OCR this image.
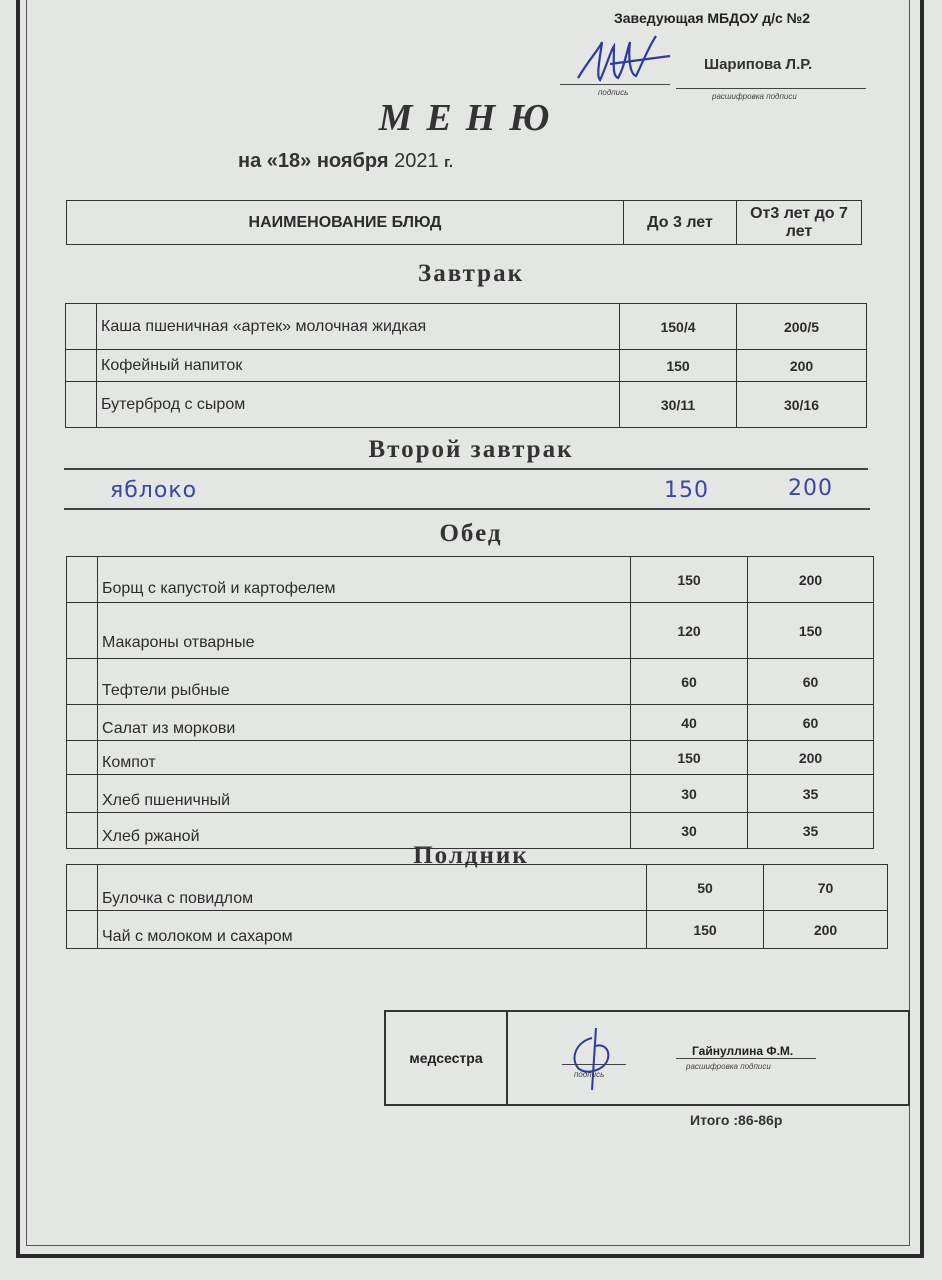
Заведующая МБДОУ д/с №2
подпись
Шарипова Л.Р.
расшифровка подписи
МЕНЮ
на «18» ноября 2021 г.
НАИМЕНОВАНИЕ БЛЮД	До 3 лет	От3 лет до 7 лет
Завтрак
	Каша пшеничная «артек» молочная жидкая	150/4	200/5
	Кофейный напиток	150	200
	Бутерброд с сыром	30/11	30/16
Второй завтрак
яблоко	150	200
Обед
	Борщ с капустой и картофелем	150	200
	Макароны отварные	120	150
	Тефтели рыбные	60	60
	Салат из моркови	40	60
	Компот	150	200
	Хлеб пшеничный	30	35
	Хлеб ржаной	30	35
Полдник
	Булочка с повидлом	50	70
	Чай с молоком и сахаром	150	200
медсестра
подпись
Гайнуллина Ф.М.
расшифровка подписи
Итого :86-86р
